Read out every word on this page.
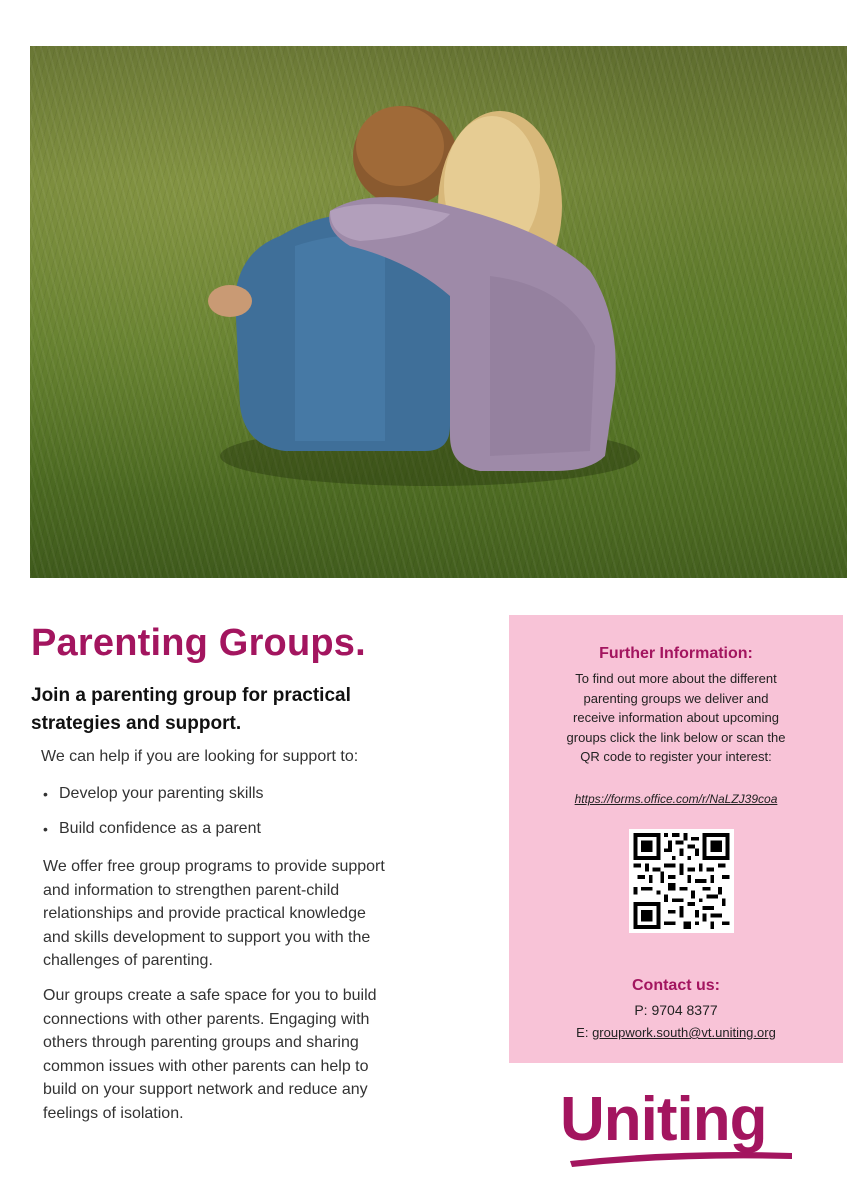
Parenting Groups.
Join a parenting group for practical
strategies and support.
We can help if you are looking for support to:
• Develop your parenting skills
• Build confidence as a parent
We offer free group programs to provide support
and information to strengthen parent-child
relationships and provide practical knowledge
and skills development to support you with the
challenges of parenting.
Our groups create a safe space for you to build
connections with other parents. Engaging with
others through parenting groups and sharing
common issues with other parents can help to
build on your support network and reduce any
feelings of isolation.
Further Information:
To find out more about the different
parenting groups we deliver and
receive information about upcoming
groups click the link below or scan the
QR code to register your interest:
https://forms.office.com/r/NaLZJ39coa
Contact us:
P: 9704 8377
E: groupwork.south@vt.uniting.org
Uniting
